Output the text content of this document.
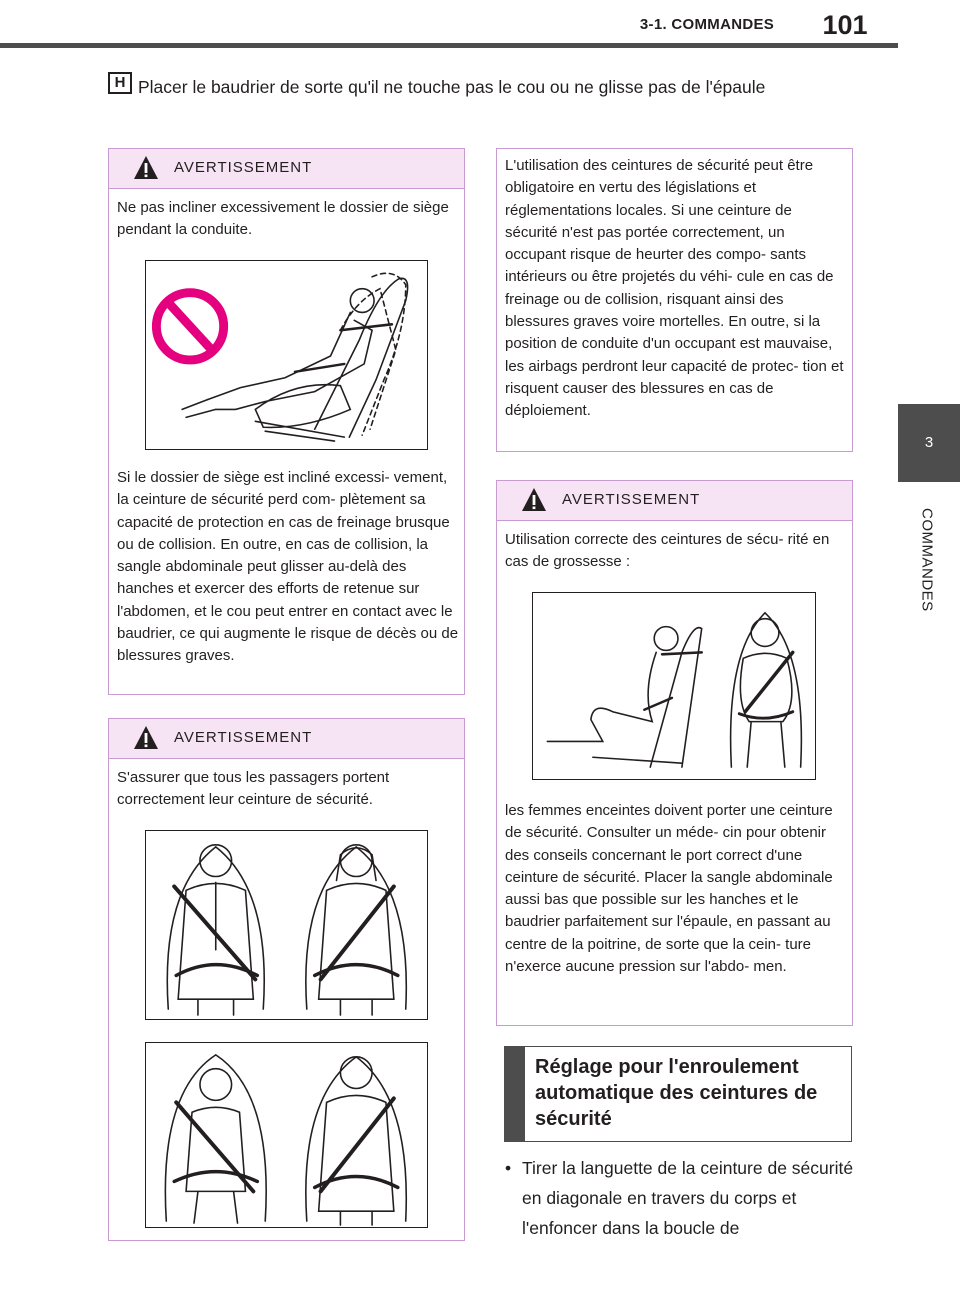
3-1. COMMANDES	101
3
COMMANDES
H Placer le baudrier de sorte qu'il ne touche pas le cou ou ne glisse pas de l'épaule
AVERTISSEMENT

Ne pas incliner excessivement le dossier de siège pendant la conduite.

Si le dossier de siège est incliné excessi- vement, la ceinture de sécurité perd com- plètement sa capacité de protection en cas de freinage brusque ou de collision. En outre, en cas de collision, la sangle abdominale peut glisser au-delà des hanches et exercer des efforts de retenue sur l'abdomen, et le cou peut entrer en contact avec le baudrier, ce qui augmente le risque de décès ou de blessures graves.

AVERTISSEMENT

S'assurer que tous les passagers portent correctement leur ceinture de sécurité.

L'utilisation des ceintures de sécurité peut être obligatoire en vertu des législations et réglementations locales. Si une ceinture de sécurité n'est pas portée correctement, un occupant risque de heurter des compo- sants intérieurs ou être projetés du véhi- cule en cas de freinage ou de collision, risquant ainsi des blessures graves voire mortelles. En outre, si la position de conduite d'un occupant est mauvaise, les airbags perdront leur capacité de protec- tion et risquent causer des blessures en cas de déploiement.

AVERTISSEMENT

Utilisation correcte des ceintures de sécu- rité en cas de grossesse :

les femmes enceintes doivent porter une ceinture de sécurité. Consulter un méde- cin pour obtenir des conseils concernant le port correct d'une ceinture de sécurité. Placer la sangle abdominale aussi bas que possible sur les hanches et le baudrier parfaitement sur l'épaule, en passant au centre de la poitrine, de sorte que la cein- ture n'exerce aucune pression sur l'abdo- men.

Réglage pour l'enroulement automatique des ceintures de sécurité
• Tirer la languette de la ceinture de sécurité en diagonale en travers du corps et l'enfoncer dans la boucle de
